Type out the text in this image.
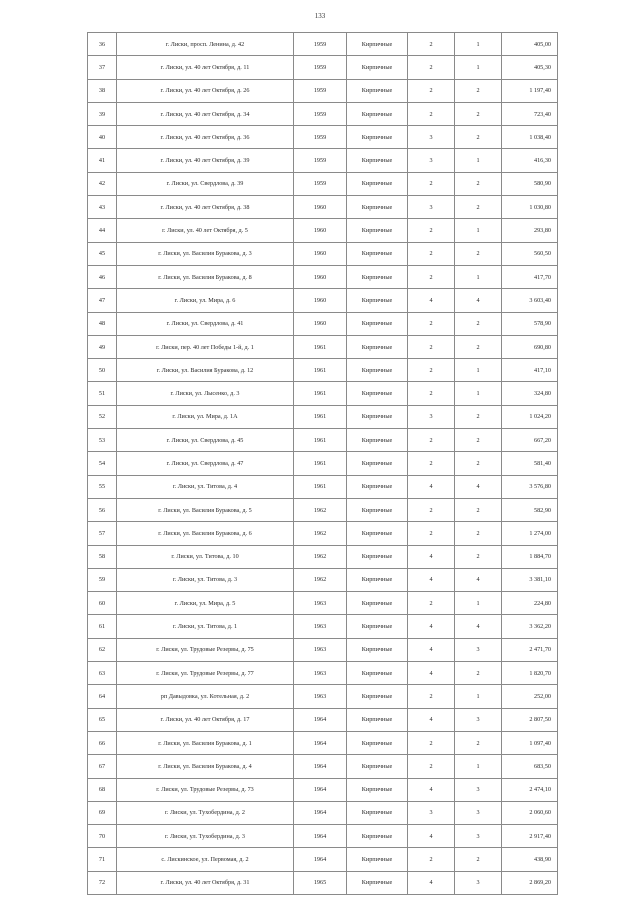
133
36	г. Лиски, просп. Ленина, д. 42	1959	Кирпичные	2	1	405,00
37	г. Лиски, ул. 40 лет Октября, д. 11	1959	Кирпичные	2	1	405,30
38	г. Лиски, ул. 40 лет Октября, д. 26	1959	Кирпичные	2	2	1 197,40
39	г. Лиски, ул. 40 лет Октября, д. 34	1959	Кирпичные	2	2	723,40
40	г. Лиски, ул. 40 лет Октября, д. 36	1959	Кирпичные	3	2	1 038,40
41	г. Лиски, ул. 40 лет Октября, д. 39	1959	Кирпичные	3	1	416,30
42	г. Лиски, ул. Свердлова, д. 39	1959	Кирпичные	2	2	580,90
43	г. Лиски, ул. 40 лет Октября, д. 38	1960	Кирпичные	3	2	1 030,80
44	г. Лиски, ул. 40 лет Октября, д. 5	1960	Кирпичные	2	1	293,80
45	г. Лиски, ул. Василия Буракова, д. 3	1960	Кирпичные	2	2	560,50
46	г. Лиски, ул. Василия Буракова, д. 8	1960	Кирпичные	2	1	417,70
47	г. Лиски, ул. Мира, д. 6	1960	Кирпичные	4	4	3 603,40
48	г. Лиски, ул. Свердлова, д. 41	1960	Кирпичные	2	2	578,90
49	г. Лиски, пер. 40 лет Победы 1-й, д. 1	1961	Кирпичные	2	2	690,80
50	г. Лиски, ул. Василия Буракова, д. 12	1961	Кирпичные	2	1	417,10
51	г. Лиски, ул. Лысенко, д. 3	1961	Кирпичные	2	1	324,80
52	г. Лиски, ул. Мира, д. 1А	1961	Кирпичные	3	2	1 024,20
53	г. Лиски, ул. Свердлова, д. 45	1961	Кирпичные	2	2	667,20
54	г. Лиски, ул. Свердлова, д. 47	1961	Кирпичные	2	2	581,40
55	г. Лиски, ул. Титова, д. 4	1961	Кирпичные	4	4	3 576,80
56	г. Лиски, ул. Василия Буракова, д. 5	1962	Кирпичные	2	2	582,90
57	г. Лиски, ул. Василия Буракова, д. 6	1962	Кирпичные	2	2	1 274,00
58	г. Лиски, ул. Титова, д. 10	1962	Кирпичные	4	2	1 884,70
59	г. Лиски, ул. Титова, д. 3	1962	Кирпичные	4	4	3 381,10
60	г. Лиски, ул. Мира, д. 5	1963	Кирпичные	2	1	224,80
61	г. Лиски, ул. Титова, д. 1	1963	Кирпичные	4	4	3 362,20
62	г. Лиски, ул. Трудовые Резервы, д. 75	1963	Кирпичные	4	3	2 471,70
63	г. Лиски, ул. Трудовые Резервы, д. 77	1963	Кирпичные	4	2	1 820,70
64	рп Давыдовка, ул. Котельная, д. 2	1963	Кирпичные	2	1	252,00
65	г. Лиски, ул. 40 лет Октября, д. 17	1964	Кирпичные	4	3	2 807,50
66	г. Лиски, ул. Василия Буракова, д. 1	1964	Кирпичные	2	2	1 097,40
67	г. Лиски, ул. Василия Буракова, д. 4	1964	Кирпичные	2	1	683,50
68	г. Лиски, ул. Трудовые Резервы, д. 73	1964	Кирпичные	4	3	2 474,10
69	г. Лиски, ул. Тухобердина, д. 2	1964	Кирпичные	3	3	2 060,60
70	г. Лиски, ул. Тухобердина, д. 3	1964	Кирпичные	4	3	2 917,40
71	с. Лискинское, ул. Первомая, д. 2	1964	Кирпичные	2	2	438,90
72	г. Лиски, ул. 40 лет Октября, д. 31	1965	Кирпичные	4	3	2 869,20
